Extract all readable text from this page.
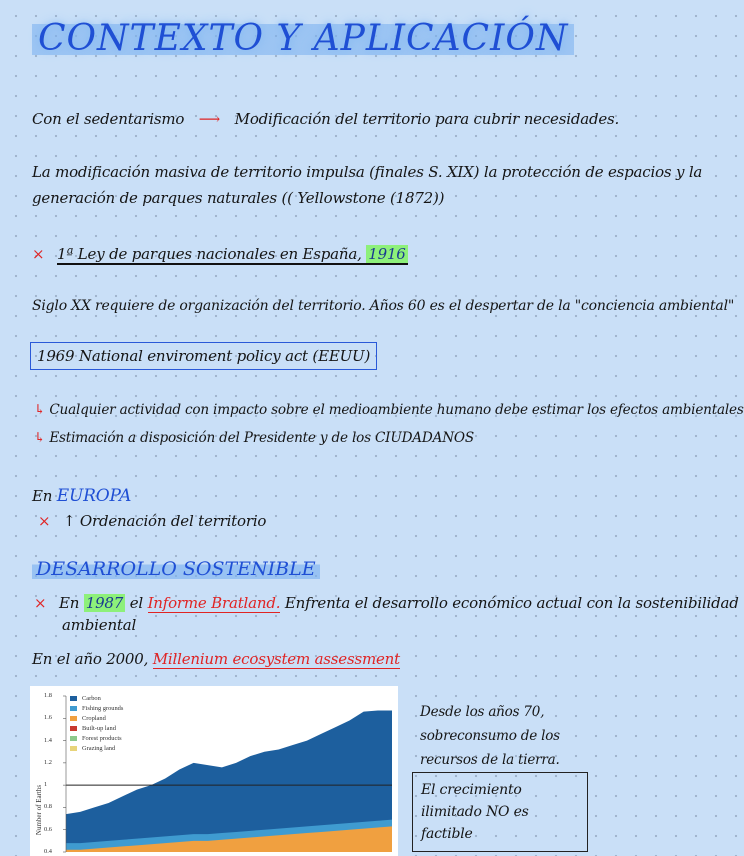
CONTEXTO Y APLICACIÓN
Con el sedentarismo ⟶ Modificación del territorio para cubrir necesidades.
La modificación masiva de territorio impulsa (finales S. XIX) la protección de espacios y la
generación de parques naturales (( Yellowstone (1872))
× 1ª Ley de parques nacionales en España, 1916
Siglo XX requiere de organización del territorio. Años 60 es el despertar de la "conciencia ambiental"
1969 National enviroment policy act (EEUU)
↳ Cualquier actividad con impacto sobre el medioambiente humano debe estimar los efectos ambientales
↳ Estimación a disposición del Presidente y de los CIUDADANOS
En EUROPA
× ↑ Ordenación del territorio
DESARROLLO SOSTENIBLE
× En 1987 el Informe Bratland. Enfrenta el desarrollo económico actual con la sostenibilidad
ambiental
En el año 2000, Millenium ecosystem assessment
Carbon
Fishing grounds
Cropland
Built-up land
Forest products
Grazing land
1.8
1.6
1.4
1.2
1
0.8
0.6
0.4
Number of Earths
Desde los años 70, sobreconsumo de los recursos de la tierra.
El crecimiento ilimitado NO es factible
